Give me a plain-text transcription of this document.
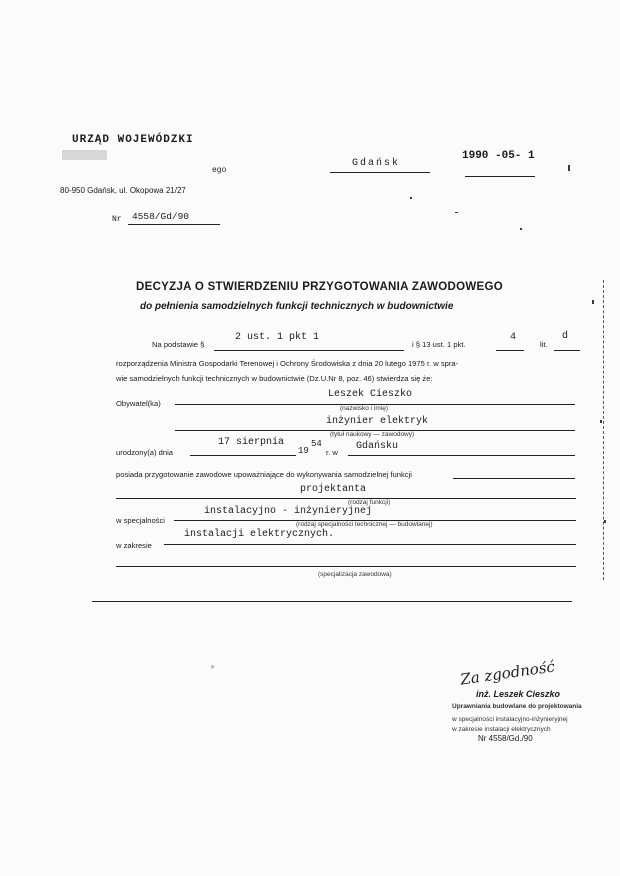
URZĄD WOJEWÓDZKI
ego
80-950 Gdańsk, ul. Okopowa 21/27
Nr 4558/Gd/90
Gdańsk
1990 -05- 1
DECYZJA O STWIERDZENIU PRZYGOTOWANIA ZAWODOWEGO
do pełnienia samodzielnych funkcji technicznych w budownictwie
Na podstawie §
2 ust. 1 pkt 1
i § 13 ust. 1 pkt.
4
lit.
d
rozporządzenia Ministra Gospodarki Terenowej i Ochrony Środowiska z dnia 20 lutego 1975 r. w spra-
wie samodzielnych funkcji technicznych w budownictwie (Dz.U.Nr 8, poz. 46) stwierdza się że:
Obywatel(ka)
Leszek Cieszko
(nazwisko i imię)
inżynier elektryk
(tytuł naukowy — zawodowy)
urodzony(a) dnia
17 sierpnia
19
54
r. w
Gdańsku
posiada przygotowanie zawodowe upoważniające do wykonywania samodzielnej funkcji
projektanta
(rodzaj funkcji)
w specjalności
instalacyjno - inżynieryjnej
(rodzaj specjalności technicznej — budowlanej)
w zakresie
instalacji elektrycznych.
(specjalizacja zawodowa)
●	Za zgodność
inż. Leszek Cieszko
Uprawniania budowlane do projektowania
w specjalności instalacyjno-inżynieryjnej
w zakresie instalacji elektrycznych
Nr 4558/Gd./90
